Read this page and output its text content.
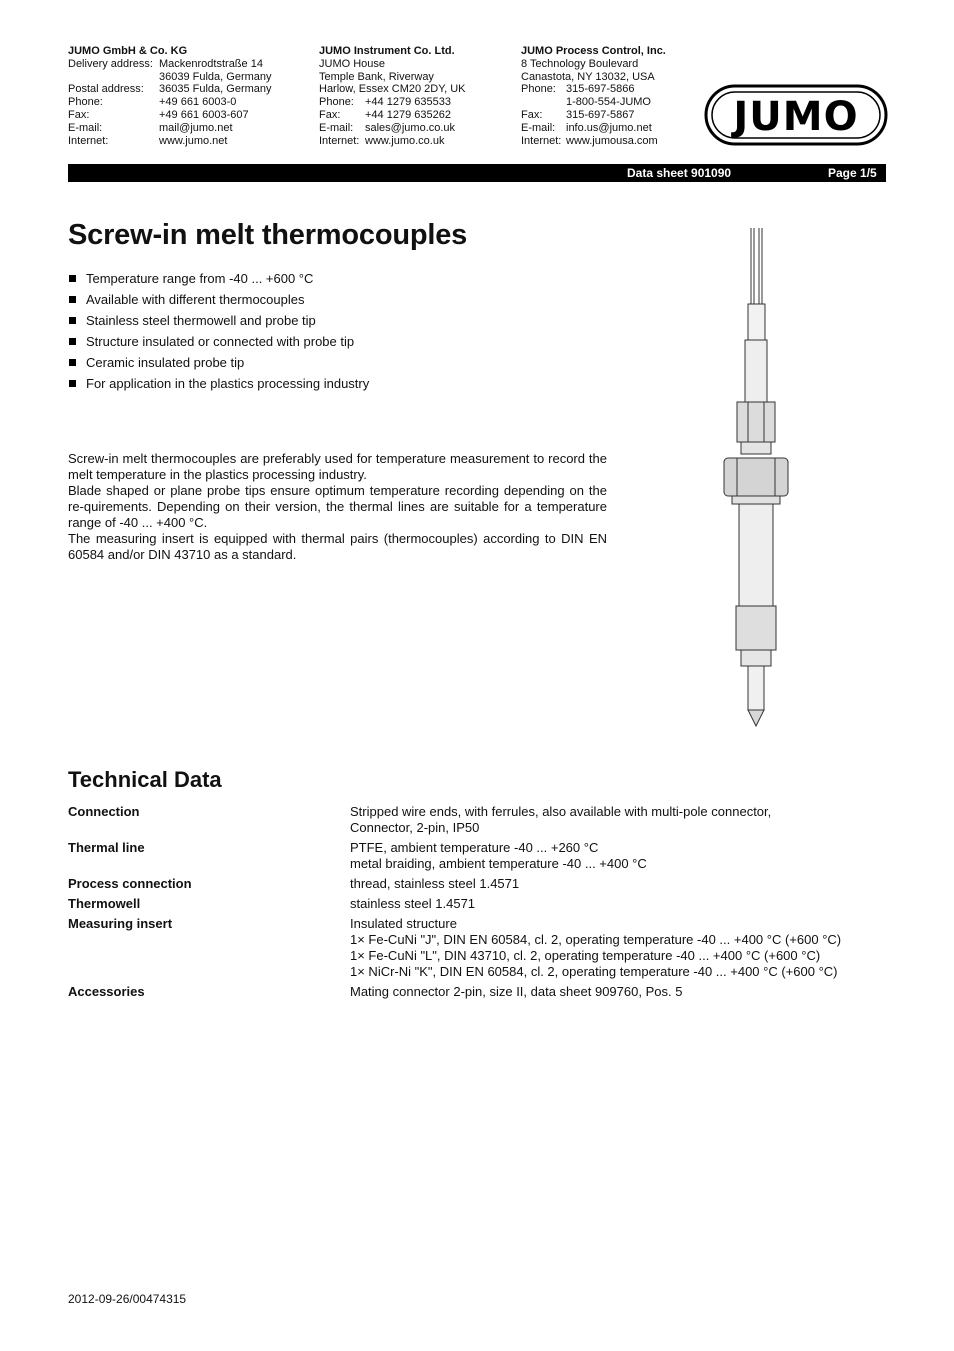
JUMO GmbH & Co. KG
Delivery address: Mackenrodtstraße 14
36039 Fulda, Germany
Postal address:	36035 Fulda, Germany
Phone:	+49 661 6003-0
Fax:	+49 661 6003-607
E-mail:	mail@jumo.net
Internet:	www.jumo.net
JUMO Instrument Co. Ltd.
JUMO House
Temple Bank, Riverway
Harlow, Essex CM20 2DY, UK
Phone:	+44 1279 635533
Fax:	+44 1279 635262
E-mail:	sales@jumo.co.uk
Internet: www.jumo.co.uk
JUMO Process Control, Inc.
8 Technology Boulevard
Canastota, NY 13032, USA
Phone: 315-697-5866
1-800-554-JUMO
Fax:	315-697-5867
E-mail: info.us@jumo.net
Internet: www.jumousa.com
JUMO
Data sheet 901090	Page 1/5
Screw-in melt thermocouples
Temperature range from -40 ... +600 °C
Available with different thermocouples
Stainless steel thermowell and probe tip
Structure insulated or connected with probe tip
Ceramic insulated probe tip
For application in the plastics processing industry

Screw-in melt thermocouples are preferably used for temperature measurement to record the melt temperature in the plastics processing industry.

Blade shaped or plane probe tips ensure optimum temperature recording depending on the re-quirements. Depending on their version, the thermal lines are suitable for a temperature range of -40 ... +400 °C.

The measuring insert is equipped with thermal pairs (thermocouples) according to DIN EN 60584 and/or DIN 43710 as a standard.

Technical Data
Connection	Stripped wire ends, with ferrules, also available with multi-pole connector,
Connector, 2-pin, IP50

Thermal line	PTFE, ambient temperature -40 ... +260 °C
metal braiding, ambient temperature -40 ... +400 °C

Process connection	thread, stainless steel 1.4571

Thermowell	stainless steel 1.4571

Measuring insert	Insulated structure
1× Fe-CuNi "J", DIN EN 60584, cl. 2, operating temperature -40 ... +400 °C (+600 °C)
1× Fe-CuNi "L", DIN 43710, cl. 2, operating temperature -40 ... +400 °C (+600 °C)
1× NiCr-Ni "K", DIN EN 60584, cl. 2, operating temperature -40 ... +400 °C (+600 °C)

Accessories	Mating connector 2-pin, size II, data sheet 909760, Pos. 5
2012-09-26/00474315
